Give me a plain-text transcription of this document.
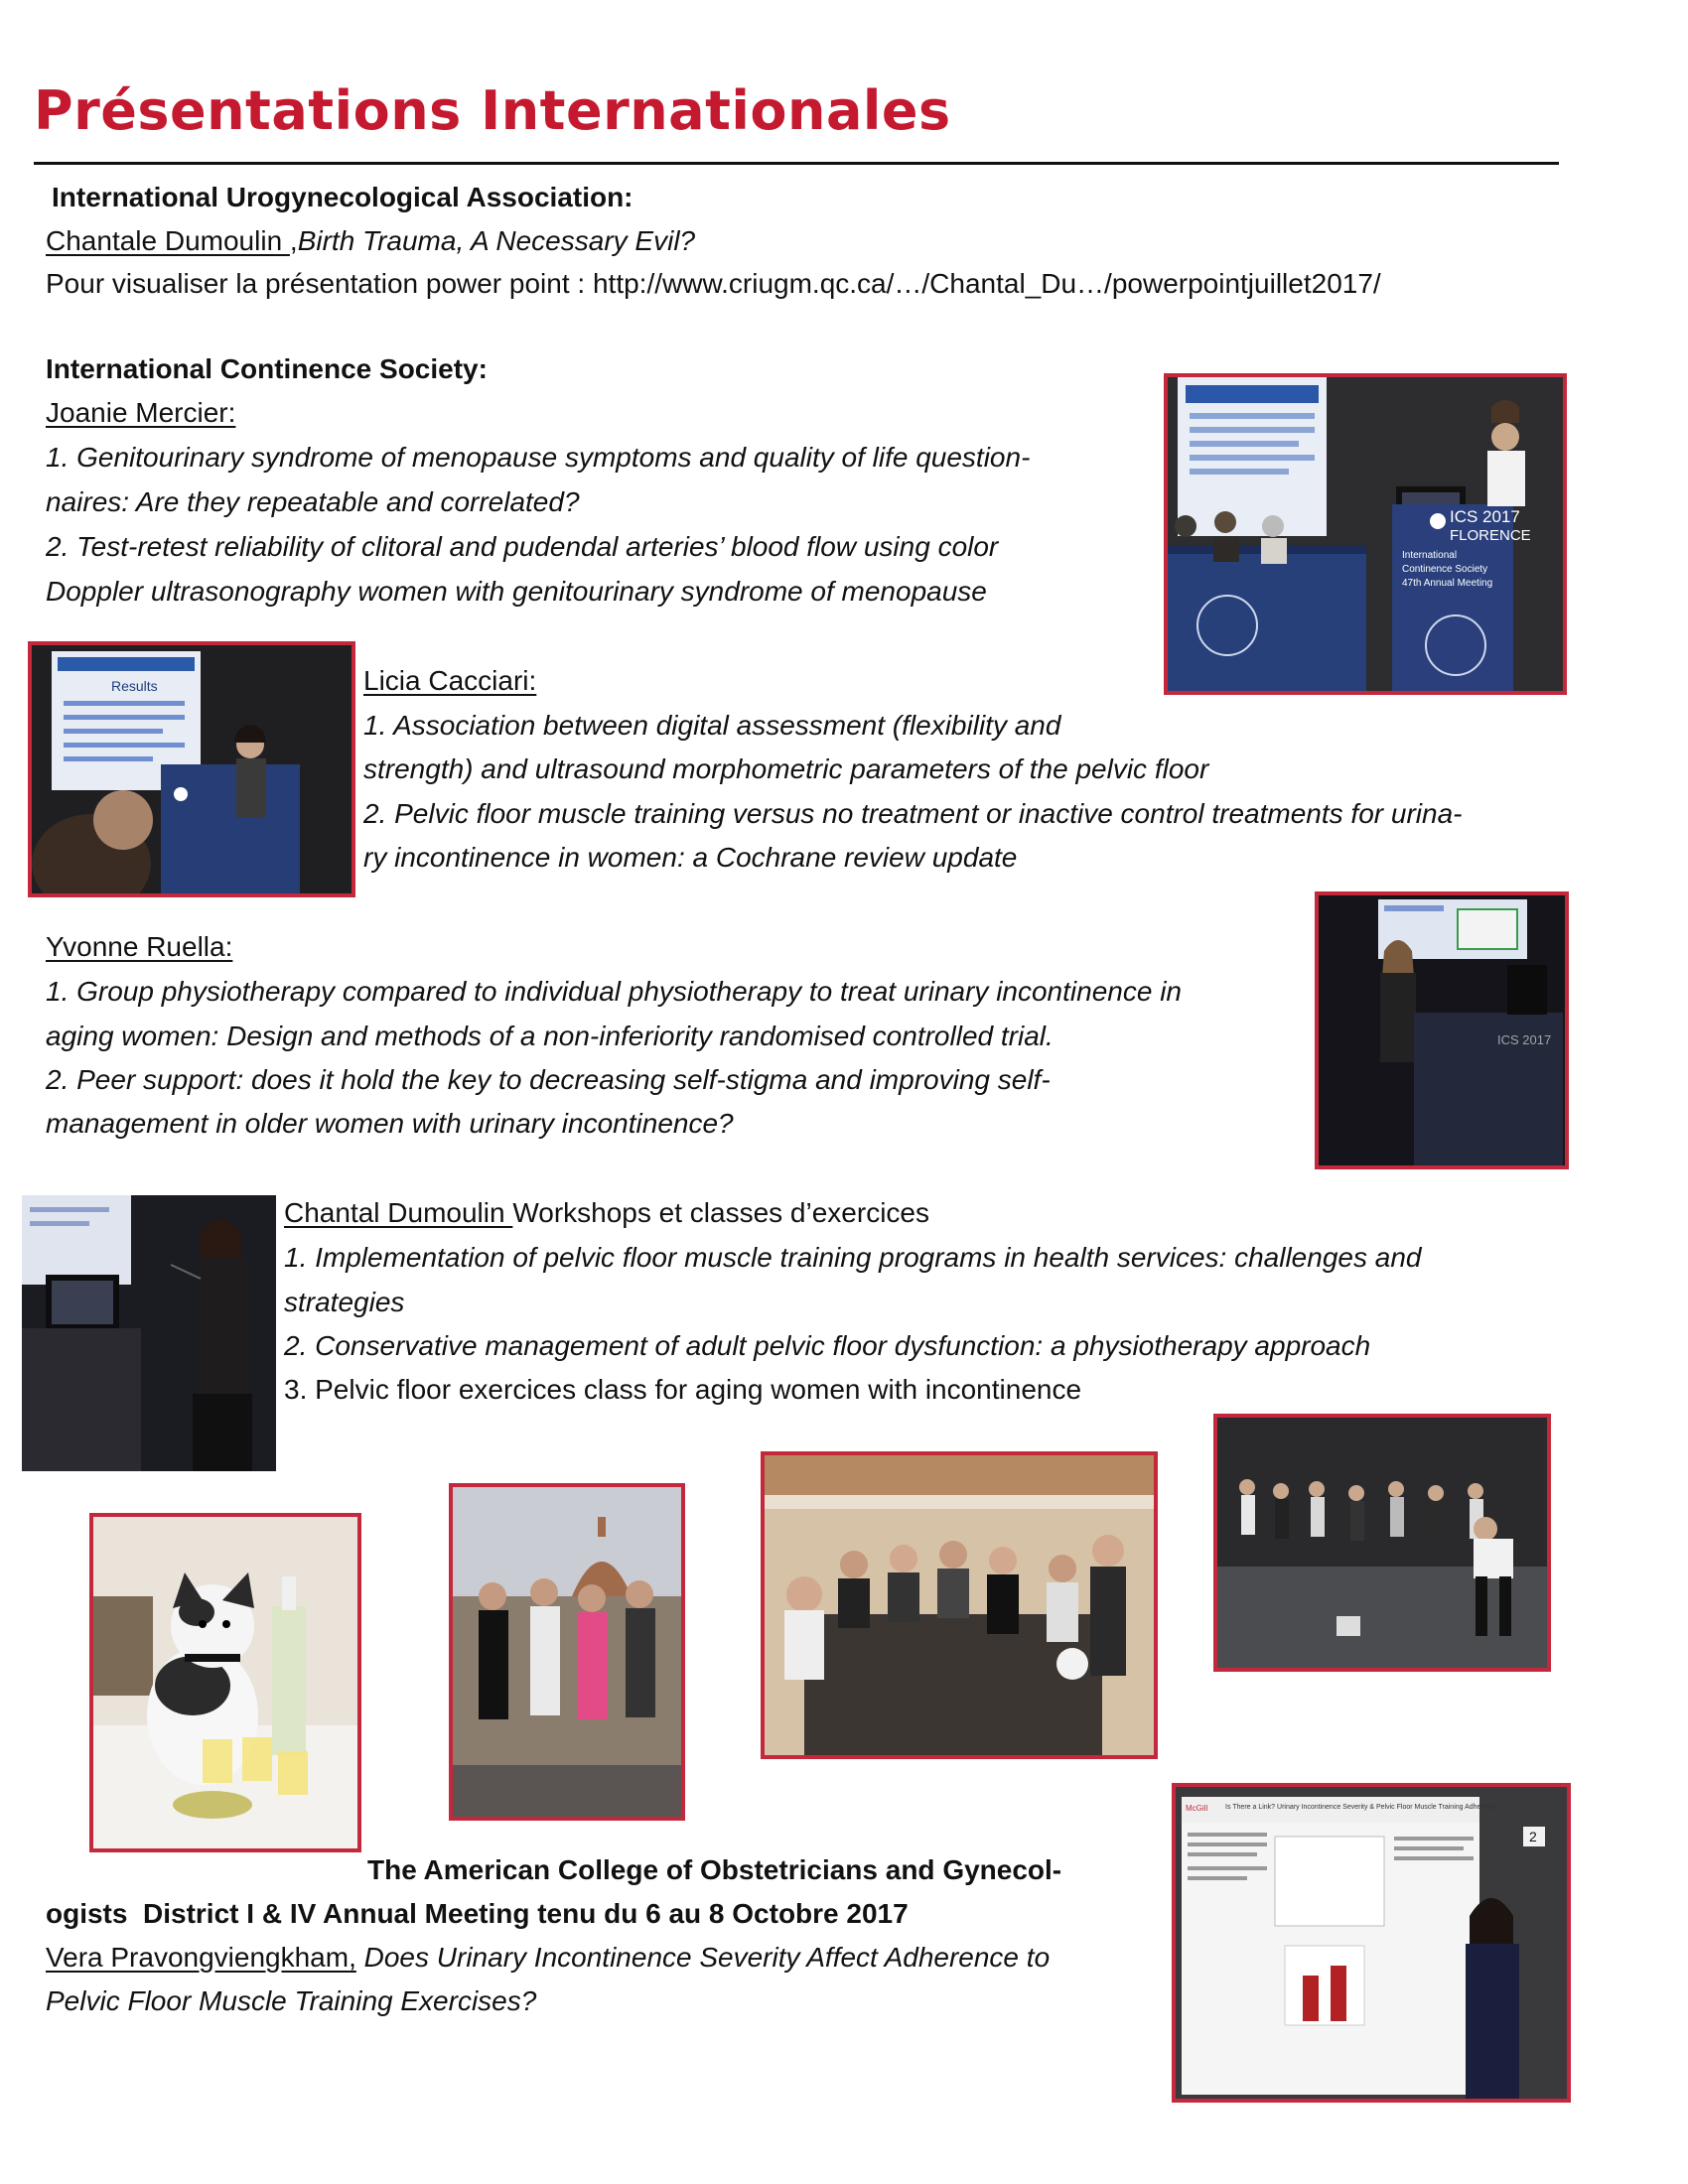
Présentations Internationales
International Urogynecological Association:
Chantale Dumoulin ,Birth Trauma, A Necessary Evil?
Pour visualiser la présentation power point : http://www.criugm.qc.ca/…/Chantal_Du…/powerpointjuillet2017/
International Continence Society:
Joanie Mercier:
1. Genitourinary syndrome of menopause symptoms and quality of life question-
naires: Are they repeatable and correlated?
2. Test-retest reliability of clitoral and pudendal arteries’ blood flow using color
Doppler ultrasonography women with genitourinary syndrome of menopause
ICS 2017
FLORENCE
International
Continence Society
47th Annual Meeting
Results	Licia Cacciari:
1. Association between digital assessment (flexibility and
strength) and ultrasound morphometric parameters of the pelvic floor
2. Pelvic floor muscle training versus no treatment or inactive control treatments for urina-
ry incontinence in women: a Cochrane review update
Yvonne Ruella:
1. Group physiotherapy compared to individual physiotherapy to treat urinary incontinence in
aging women: Design and methods of a non-inferiority randomised controlled trial.
2. Peer support: does it hold the key to decreasing self-stigma and improving self-
management in older women with urinary incontinence?
ICS 2017
Chantal Dumoulin Workshops et classes d’exercices
1. Implementation of pelvic floor muscle training programs in health services: challenges and
strategies
2. Conservative management of adult pelvic floor dysfunction: a physiotherapy approach
3. Pelvic floor exercices class for aging women with incontinence
The American College of Obstetricians and Gynecol-
ogists  District I & IV Annual Meeting tenu du 6 au 8 Octobre 2017
Vera Pravongviengkham, Does Urinary Incontinence Severity Affect Adherence to
Pelvic Floor Muscle Training Exercises?
McGill	Is There a Link? Urinary Incontinence Severity & Pelvic Floor Muscle Training Adherence
2
